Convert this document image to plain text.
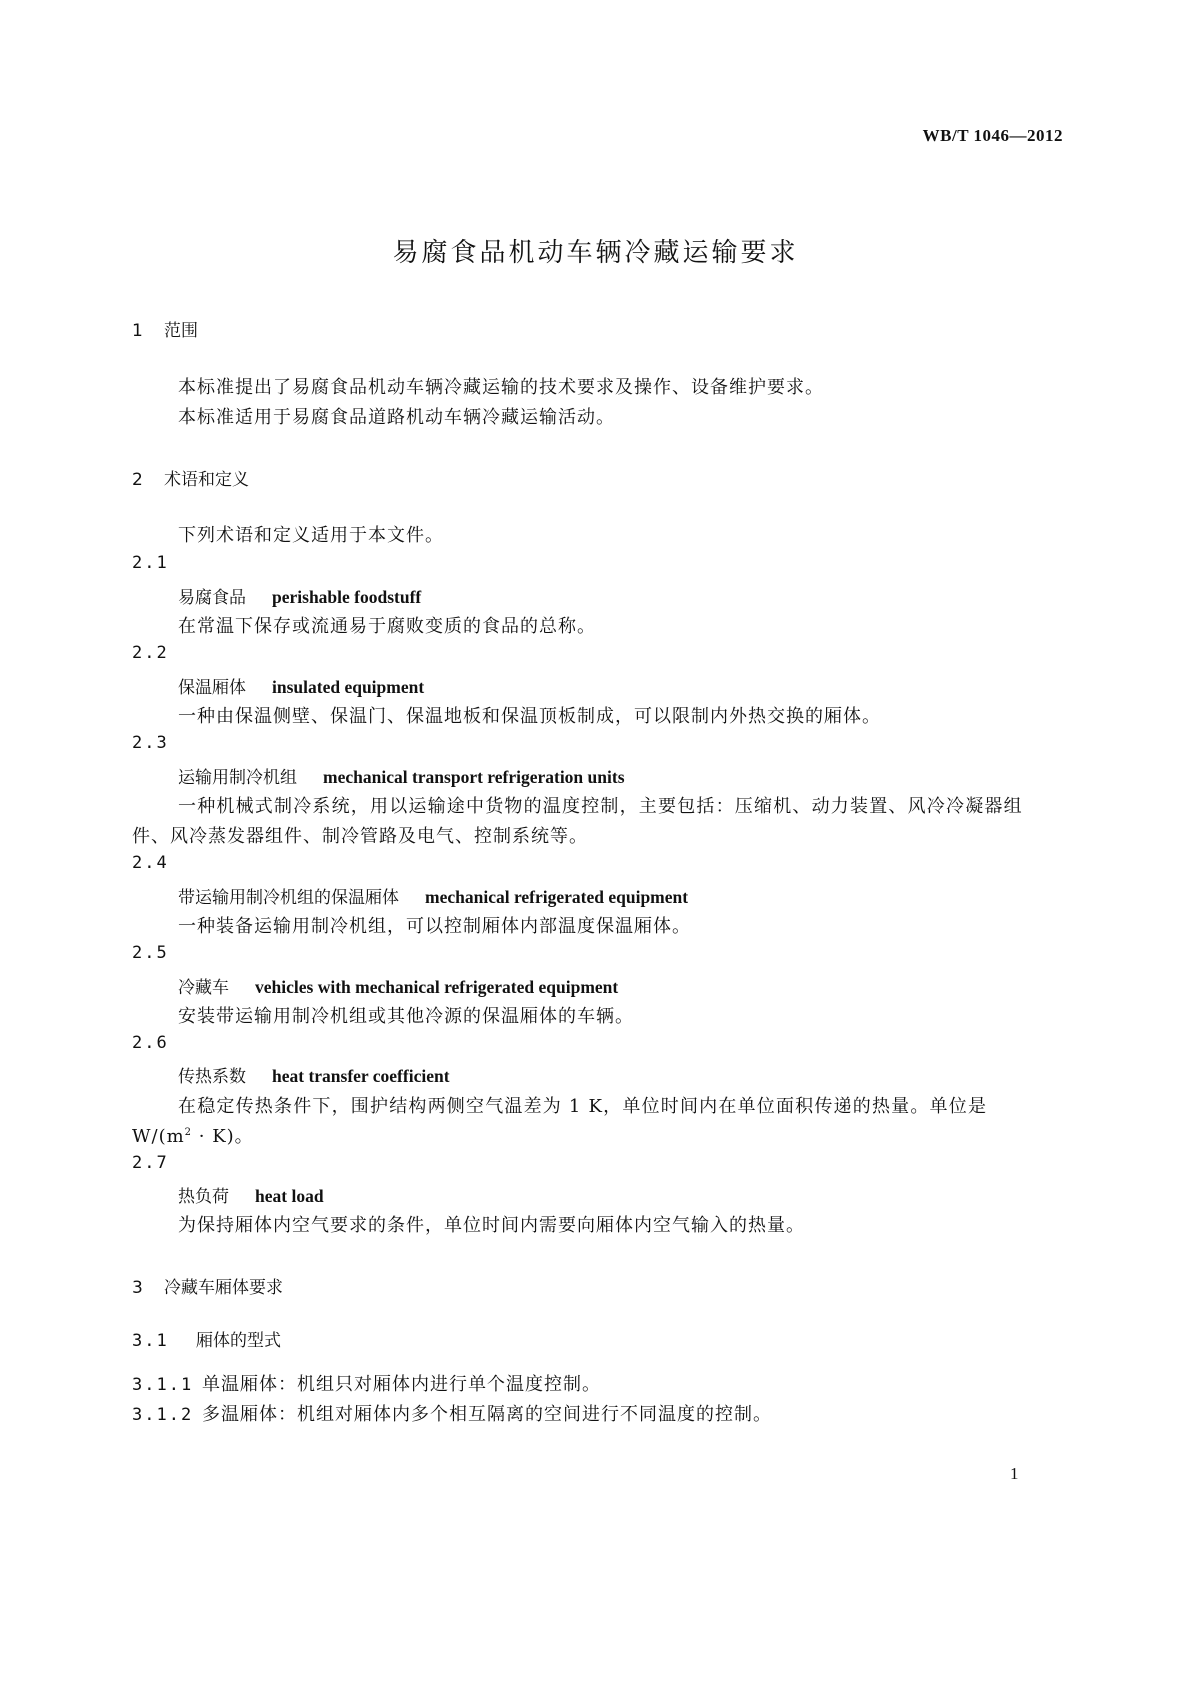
WB/T 1046—2012
易腐食品机动车辆冷藏运输要求
1 范围
本标准提出了易腐食品机动车辆冷藏运输的技术要求及操作、设备维护要求。
本标准适用于易腐食品道路机动车辆冷藏运输活动。
2 术语和定义
下列术语和定义适用于本文件。
2.1
易腐食品 perishable foodstuff
在常温下保存或流通易于腐败变质的食品的总称。
2.2
保温厢体 insulated equipment
一种由保温侧壁、保温门、保温地板和保温顶板制成，可以限制内外热交换的厢体。
2.3
运输用制冷机组 mechanical transport refrigeration units
一种机械式制冷系统，用以运输途中货物的温度控制，主要包括：压缩机、动力装置、风冷冷凝器组
件、风冷蒸发器组件、制冷管路及电气、控制系统等。
2.4
带运输用制冷机组的保温厢体 mechanical refrigerated equipment
一种装备运输用制冷机组，可以控制厢体内部温度保温厢体。
2.5
冷藏车 vehicles with mechanical refrigerated equipment
安装带运输用制冷机组或其他冷源的保温厢体的车辆。
2.6
传热系数 heat transfer coefficient
在稳定传热条件下，围护结构两侧空气温差为 1 K，单位时间内在单位面积传递的热量。单位是
$W/(m^2 \cdot K)$。
2.7
热负荷 heat load
为保持厢体内空气要求的条件，单位时间内需要向厢体内空气输入的热量。
3 冷藏车厢体要求
3.1 厢体的型式
3.1.1 单温厢体：机组只对厢体内进行单个温度控制。
3.1.2 多温厢体：机组对厢体内多个相互隔离的空间进行不同温度的控制。
1
